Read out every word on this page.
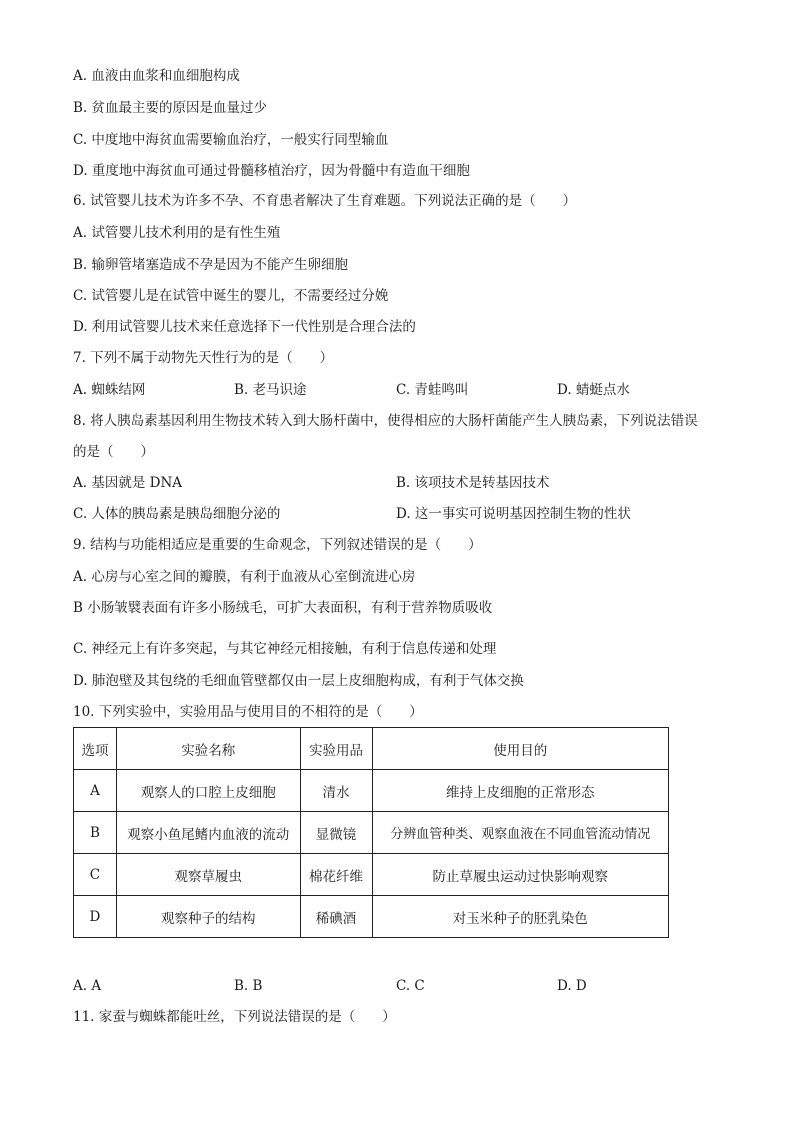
A. 血液由血浆和血细胞构成
B. 贫血最主要的原因是血量过少
C. 中度地中海贫血需要输血治疗，一般实行同型输血
D. 重度地中海贫血可通过骨髓移植治疗，因为骨髓中有造血干细胞
6. 试管婴儿技术为许多不孕、不育患者解决了生育难题。下列说法正确的是（　　）
A. 试管婴儿技术利用的是有性生殖
B. 输卵管堵塞造成不孕是因为不能产生卵细胞
C. 试管婴儿是在试管中诞生的婴儿，不需要经过分娩
D. 利用试管婴儿技术来任意选择下一代性别是合理合法的
7. 下列不属于动物先天性行为的是（　　）
A. 蜘蛛结网	B. 老马识途	C. 青蛙鸣叫	D. 蜻蜓点水
8. 将人胰岛素基因利用生物技术转入到大肠杆菌中，使得相应的大肠杆菌能产生人胰岛素，下列说法错误
的是（　　）
A. 基因就是 DNA	B. 该项技术是转基因技术
C. 人体的胰岛素是胰岛细胞分泌的	D. 这一事实可说明基因控制生物的性状
9. 结构与功能相适应是重要的生命观念，下列叙述错误的是（　　）
A. 心房与心室之间的瓣膜，有利于血液从心室倒流进心房
B 小肠皱襞表面有许多小肠绒毛，可扩大表面积，有利于营养物质吸收
C. 神经元上有许多突起，与其它神经元相接触，有利于信息传递和处理
D. 肺泡壁及其包绕的毛细血管壁都仅由一层上皮细胞构成，有利于气体交换
10. 下列实验中，实验用品与使用目的不相符的是（　　）
选项	实验名称	实验用品	使用目的
A	观察人的口腔上皮细胞	清水	维持上皮细胞的正常形态
B	观察小鱼尾鳍内血液的流动	显微镜	分辨血管种类、观察血液在不同血管流动情况
C	观察草履虫	棉花纤维	防止草履虫运动过快影响观察
D	观察种子的结构	稀碘酒	对玉米种子的胚乳染色
A. A	B. B	C. C	D. D
11. 家蚕与蜘蛛都能吐丝，下列说法错误的是（　　）
